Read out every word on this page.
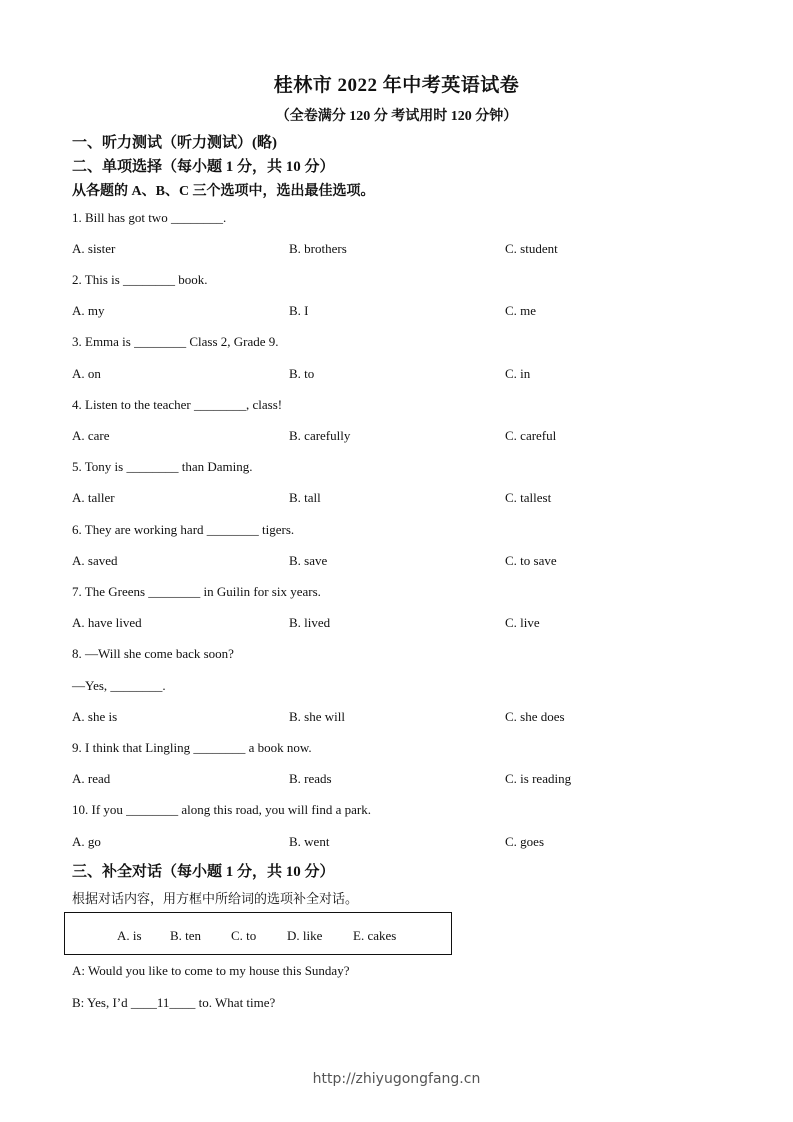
桂林市 2022 年中考英语试卷
（全卷满分 120 分 考试用时 120 分钟）
一、听力测试（听力测试）(略)
二、单项选择（每小题 1 分，共 10 分）
从各题的 A、B、C 三个选项中，选出最佳选项。
1. Bill has got two ________.
A. sister	B. brothers	C. student
2. This is ________ book.
A. my	B. I	C. me
3. Emma is ________ Class 2, Grade 9.
A. on	B. to	C. in
4. Listen to the teacher ________, class!
A. care	B. carefully	C. careful
5. Tony is ________ than Daming.
A. taller	B. tall	C. tallest
6. They are working hard ________ tigers.
A. saved	B. save	C. to save
7. The Greens ________ in Guilin for six years.
A. have lived	B. lived	C. live
8. —Will she come back soon?
—Yes, ________.
A. she is	B. she will	C. she does
9. I think that Lingling ________ a book now.
A. read	B. reads	C. is reading
10. If you ________ along this road, you will find a park.
A. go	B. went	C. goes
三、补全对话（每小题 1 分，共 10 分）
根据对话内容，用方框中所给词的选项补全对话。
A. is B. ten C. to D. like E. cakes
A: Would you like to come to my house this Sunday?
B: Yes, I’d ____11____ to. What time?
http://zhiyugongfang.cn
